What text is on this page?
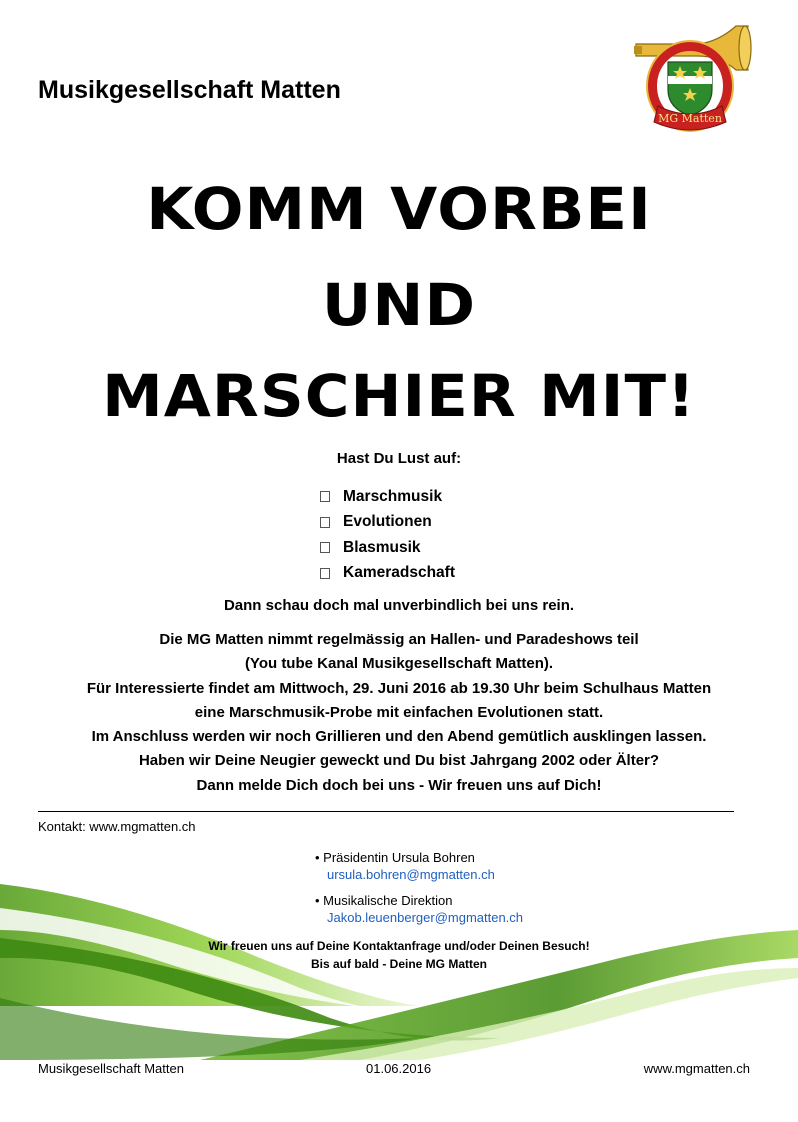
Musikgesellschaft Matten
MG Matten
KOMM VORBEI
UND
MARSCHIER MIT!
Hast Du Lust auf:
Marschmusik
Evolutionen
Blasmusik
Kameradschaft
Dann schau doch mal unverbindlich bei uns rein.
Die MG Matten nimmt regelmässig an Hallen- und Paradeshows teil
(You tube Kanal Musikgesellschaft Matten).
Für Interessierte findet am Mittwoch, 29. Juni 2016 ab 19.30 Uhr beim Schulhaus Matten
eine Marschmusik-Probe mit einfachen Evolutionen statt.
Im Anschluss werden wir noch Grillieren und den Abend gemütlich ausklingen lassen.
Haben wir Deine Neugier geweckt und Du bist Jahrgang 2002 oder Älter?
Dann melde Dich doch bei uns - Wir freuen uns auf Dich!
Kontakt: www.mgmatten.ch
• Präsidentin Ursula Bohren
ursula.bohren@mgmatten.ch
• Musikalische Direktion
Jakob.leuenberger@mgmatten.ch
Wir freuen uns auf Deine Kontaktanfrage und/oder Deinen Besuch!
Bis auf bald - Deine MG Matten
Musikgesellschaft Matten	01.06.2016	www.mgmatten.ch
